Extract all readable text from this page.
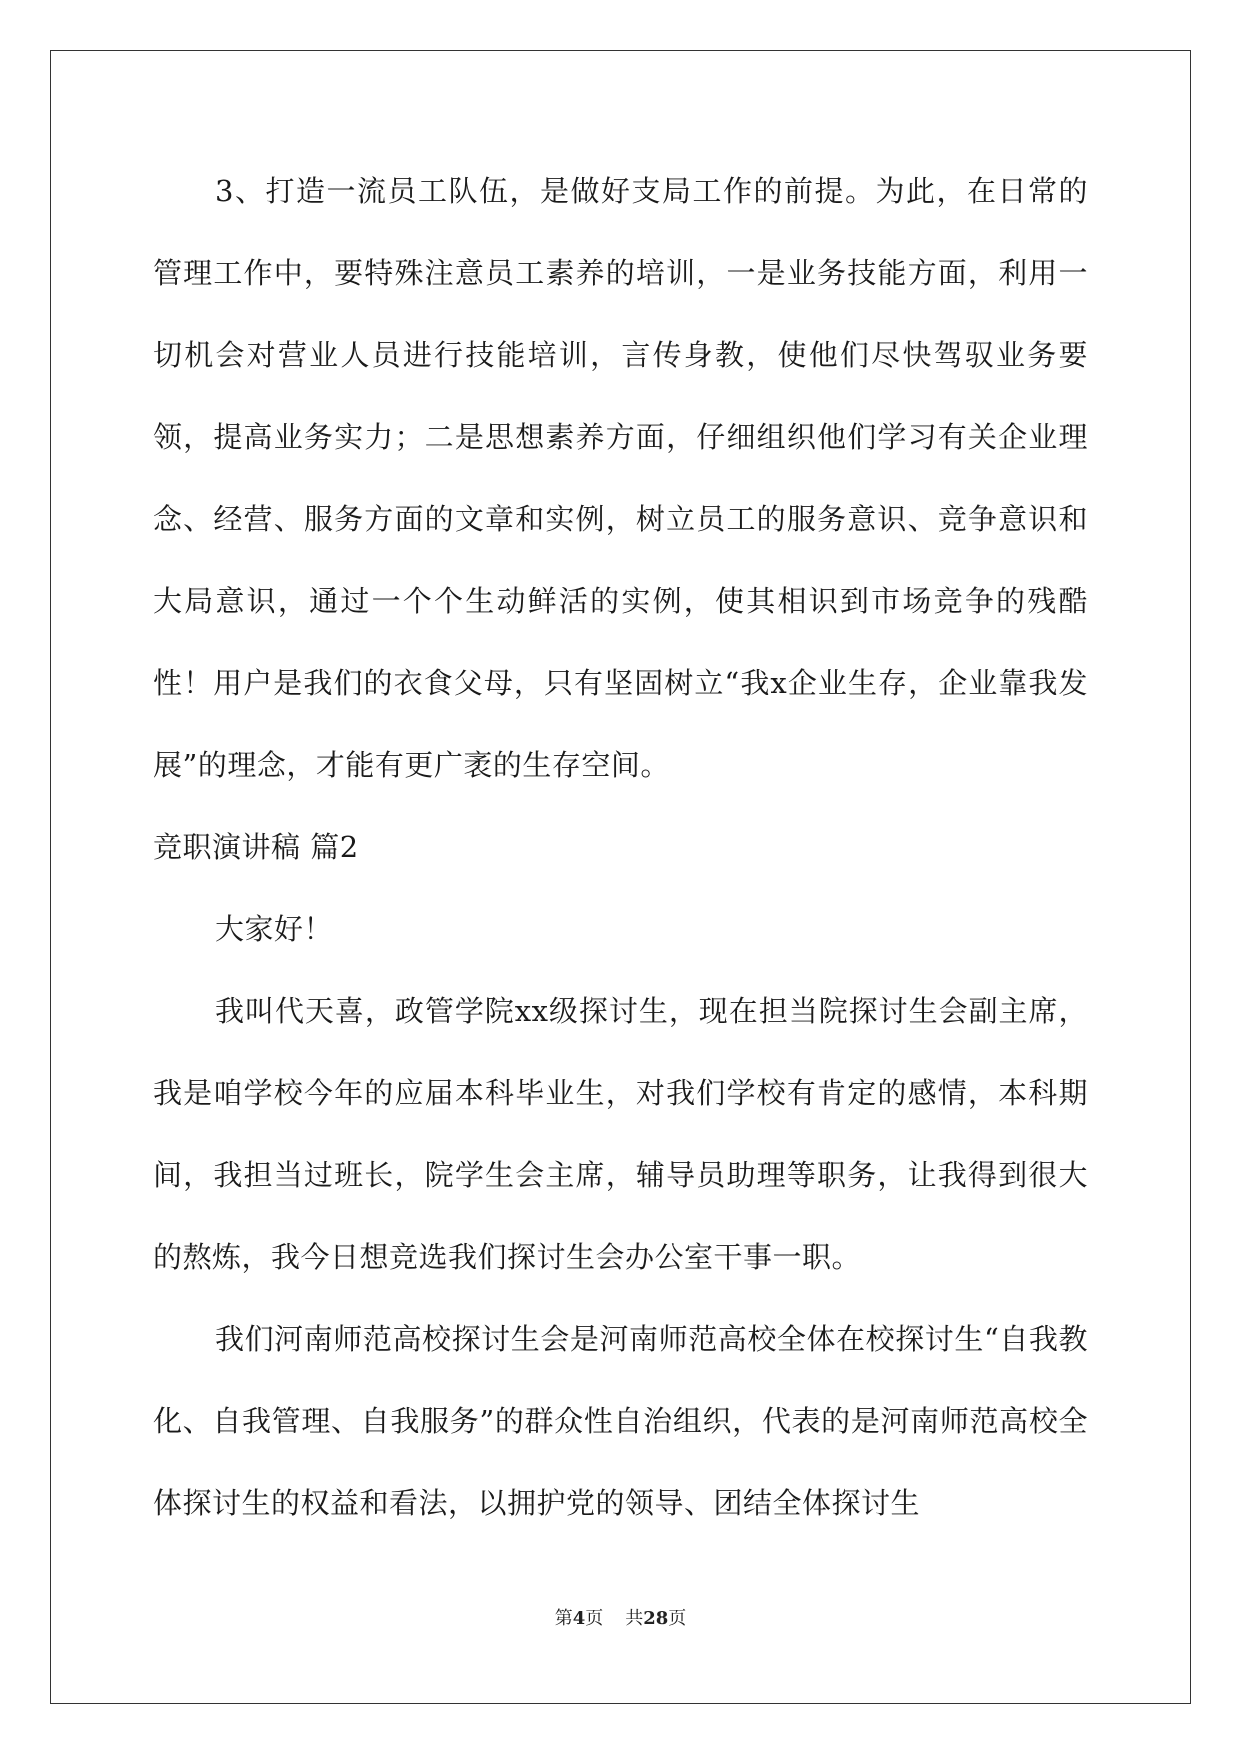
3、打造一流员工队伍，是做好支局工作的前提。为此，在日常的管理工作中，要特殊注意员工素养的培训，一是业务技能方面，利用一切机会对营业人员进行技能培训，言传身教，使他们尽快驾驭业务要领，提高业务实力；二是思想素养方面，仔细组织他们学习有关企业理念、经营、服务方面的文章和实例，树立员工的服务意识、竞争意识和大局意识，通过一个个生动鲜活的实例，使其相识到市场竞争的残酷性！用户是我们的衣食父母，只有坚固树立“我x企业生存，企业靠我发展”的理念，才能有更广袤的生存空间。

竞职演讲稿 篇2

大家好！

我叫代天喜，政管学院xx级探讨生，现在担当院探讨生会副主席，我是咱学校今年的应届本科毕业生，对我们学校有肯定的感情，本科期间，我担当过班长，院学生会主席，辅导员助理等职务，让我得到很大的熬炼，我今日想竞选我们探讨生会办公室干事一职。

我们河南师范高校探讨生会是河南师范高校全体在校探讨生“自我教化、自我管理、自我服务”的群众性自治组织，代表的是河南师范高校全体探讨生的权益和看法，以拥护党的领导、团结全体探讨生

第4页 共28页
